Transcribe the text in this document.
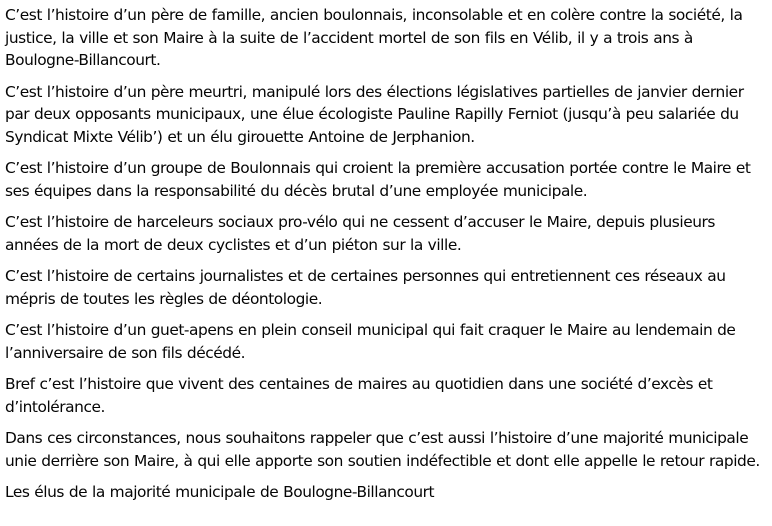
C’est l’histoire d’un père de famille, ancien boulonnais, inconsolable et en colère contre la société, la justice, la ville et son Maire à la suite de l’accident mortel de son fils en Vélib, il y a trois ans à Boulogne-Billancourt.

C’est l’histoire d’un père meurtri, manipulé lors des élections législatives partielles de janvier dernier par deux opposants municipaux, une élue écologiste Pauline Rapilly Ferniot (jusqu’à peu salariée du Syndicat Mixte Vélib’) et un élu girouette Antoine de Jerphanion.

C’est l’histoire d’un groupe de Boulonnais qui croient la première accusation portée contre le Maire et ses équipes dans la responsabilité du décès brutal d’une employée municipale.

C’est l’histoire de harceleurs sociaux pro-vélo qui ne cessent d’accuser le Maire, depuis plusieurs années de la mort de deux cyclistes et d’un piéton sur la ville.

C’est l’histoire de certains journalistes et de certaines personnes qui entretiennent ces réseaux au mépris de toutes les règles de déontologie.

C’est l’histoire d’un guet-apens en plein conseil municipal qui fait craquer le Maire au lendemain de l’anniversaire de son fils décédé.

Bref c’est l’histoire que vivent des centaines de maires au quotidien dans une société d’excès et d’intolérance.

Dans ces circonstances, nous souhaitons rappeler que c’est aussi l’histoire d’une majorité municipale unie derrière son Maire, à qui elle apporte son soutien indéfectible et dont elle appelle le retour rapide.

Les élus de la majorité municipale de Boulogne-Billancourt
